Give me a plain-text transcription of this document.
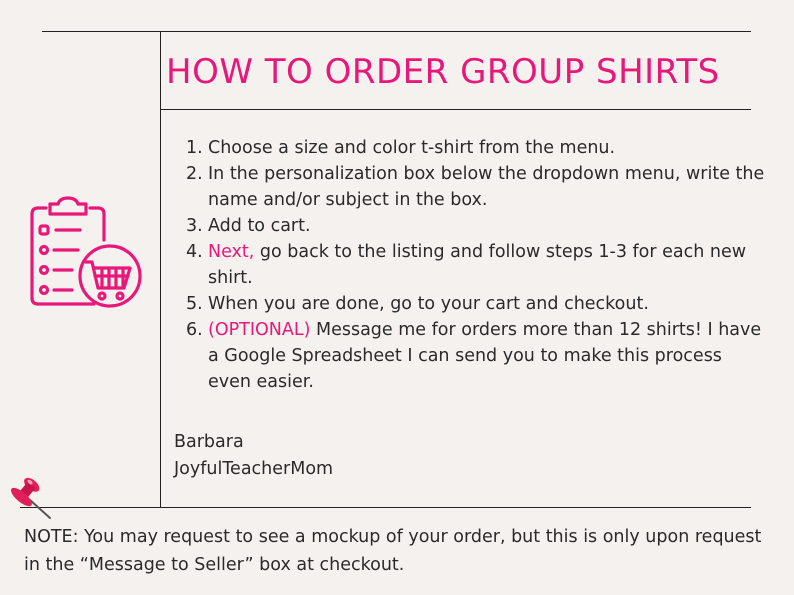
HOW TO ORDER GROUP SHIRTS
1. Choose a size and color t-shirt from the menu.
2. In the personalization box below the dropdown menu, write the name and/or subject in the box.
3. Add to cart.
4. Next, go back to the listing and follow steps 1-3 for each new shirt.
5. When you are done, go to your cart and checkout.
6. (OPTIONAL) Message me for orders more than 12 shirts! I have a Google Spreadsheet I can send you to make this process even easier.
Barbara
JoyfulTeacherMom
NOTE: You may request to see a mockup of your order, but this is only upon request in the “Message to Seller” box at checkout.
